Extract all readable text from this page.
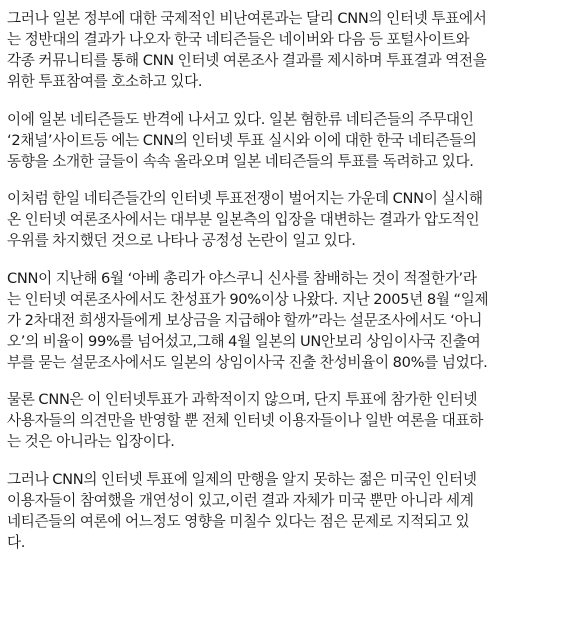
그러나 일본 정부에 대한 국제적인 비난여론과는 달리 CNN의 인터넷 투표에서
는 정반대의 결과가 나오자 한국 네티즌들은 네이버와 다음 등 포털사이트와
각종 커뮤니티를 통해 CNN 인터넷 여론조사 결과를 제시하며 투표결과 역전을
위한 투표참여를 호소하고 있다.

이에 일본 네티즌들도 반격에 나서고 있다. 일본 혐한류 네티즌들의 주무대인
‘2채널’사이트등 에는 CNN의 인터넷 투표 실시와 이에 대한 한국 네티즌들의
동향을 소개한 글들이 속속 올라오며 일본 네티즌들의 투표를 독려하고 있다.

이처럼 한일 네티즌들간의 인터넷 투표전쟁이 벌어지는 가운데 CNN이 실시해
온 인터넷 여론조사에서는 대부분 일본측의 입장을 대변하는 결과가 압도적인
우위를 차지했던 것으로 나타나 공정성 논란이 일고 있다.

CNN이 지난해 6월 ‘아베 총리가 야스쿠니 신사를 참배하는 것이 적절한가’라
는 인터넷 여론조사에서도 찬성표가 90%이상 나왔다. 지난 2005년 8월 “일제
가 2차대전 희생자들에게 보상금을 지급해야 할까”라는 설문조사에서도 ‘아니
오’의 비율이 99%를 넘어섰고,그해 4월 일본의 UN안보리 상임이사국 진출여
부를 묻는 설문조사에서도 일본의 상임이사국 진출 찬성비율이 80%를 넘었다.

물론 CNN은 이 인터넷투표가 과학적이지 않으며, 단지 투표에 참가한 인터넷
사용자들의 의견만을 반영할 뿐 전체 인터넷 이용자들이나 일반 여론을 대표하
는 것은 아니라는 입장이다.

그러나 CNN의 인터넷 투표에 일제의 만행을 알지 못하는 젊은 미국인 인터넷
이용자들이 참여했을 개연성이 있고,이런 결과 자체가 미국 뿐만 아니라 세계
네티즌들의 여론에 어느정도 영향을 미칠수 있다는 점은 문제로 지적되고 있
다.
